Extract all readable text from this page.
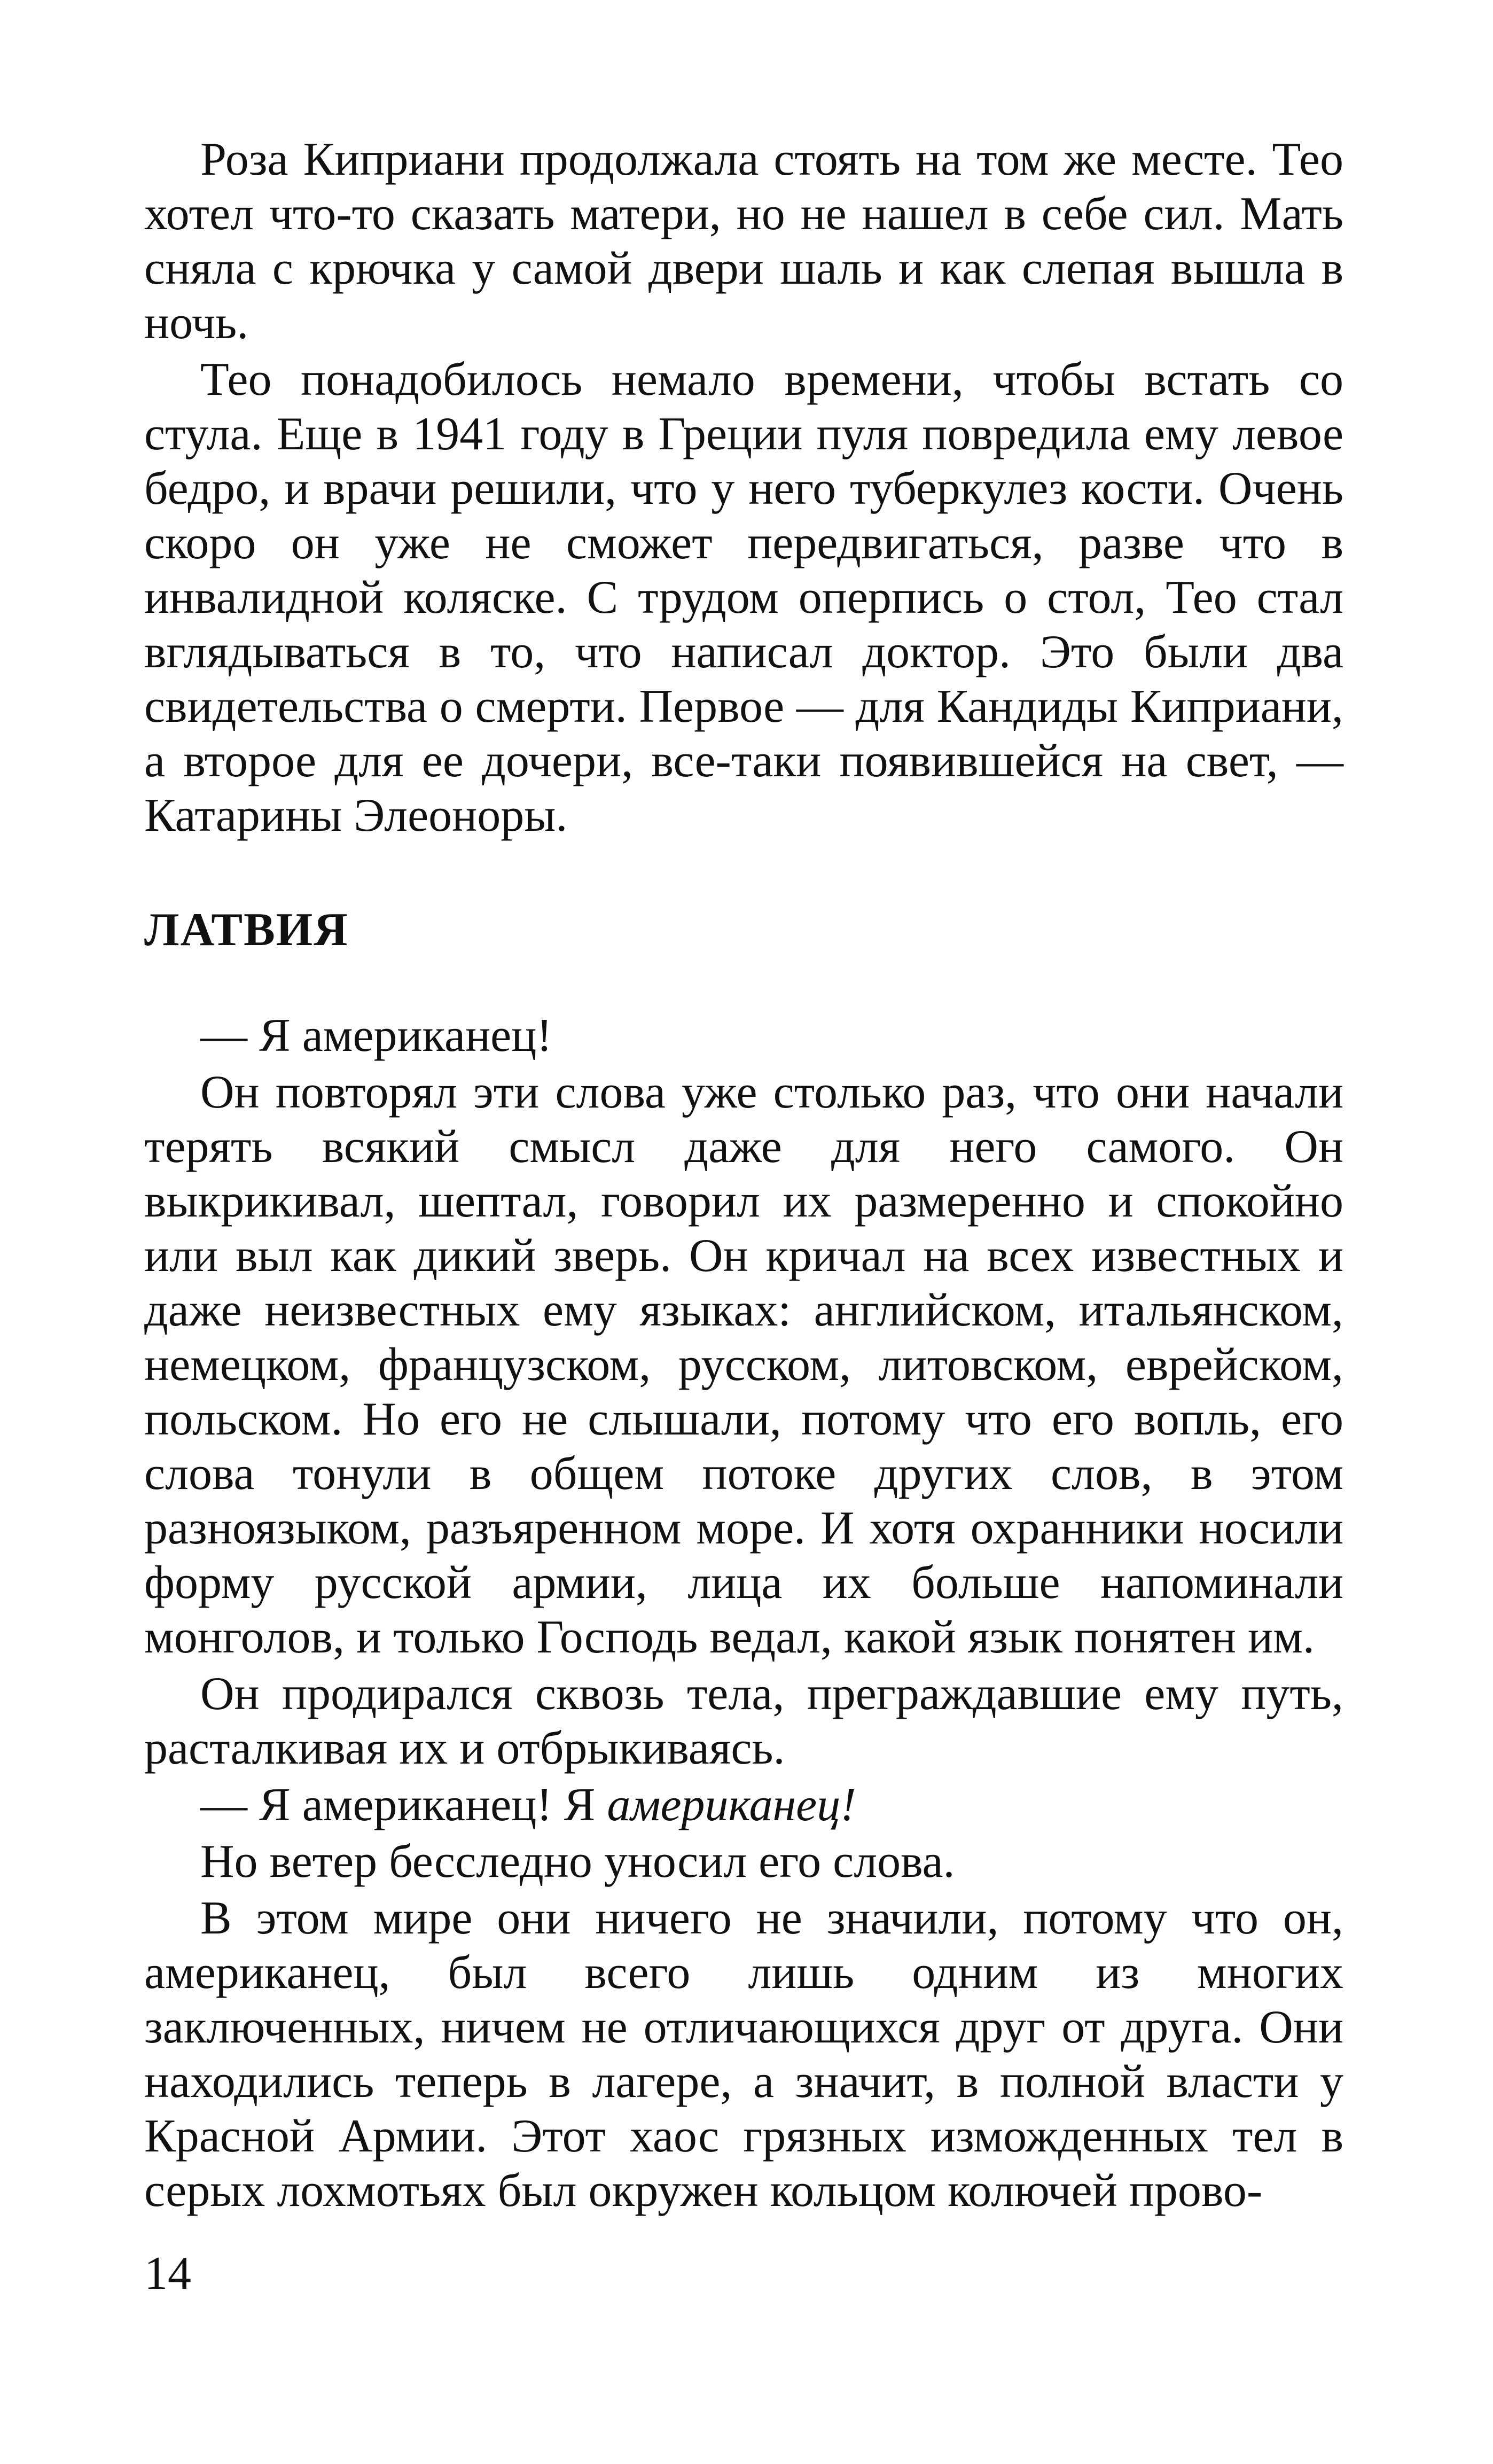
Роза Киприани продолжала стоять на том же месте. Тео хотел что-то сказать матери, но не нашел в себе сил. Мать сняла с крючка у самой двери шаль и как слепая вышла в ночь.

Тео понадобилось немало времени, чтобы встать со стула. Еще в 1941 году в Греции пуля повредила ему левое бедро, и врачи решили, что у него туберкулез кости. Очень скоро он уже не сможет передвигаться, разве что в инвалидной коляске. С трудом оперпись о стол, Тео стал вглядываться в то, что написал доктор. Это были два свидетельства о смерти. Первое — для Кандиды Киприани, а второе для ее дочери, все-таки появившейся на свет, — Катарины Элеоноры.

ЛАТВИЯ

— Я американец!

Он повторял эти слова уже столько раз, что они начали терять всякий смысл даже для него самого. Он выкрикивал, шептал, говорил их размеренно и спокойно или выл как дикий зверь. Он кричал на всех известных и даже неизвестных ему языках: английском, итальянском, немецком, французском, русском, литовском, еврейском, польском. Но его не слышали, потому что его вопль, его слова тонули в общем потоке других слов, в этом разноязыком, разъяренном море. И хотя охранники носили форму русской армии, лица их больше напоминали монголов, и только Господь ведал, какой язык понятен им.

Он продирался сквозь тела, преграждавшие ему путь, расталкивая их и отбрыкиваясь.

— Я американец! Я американец!

Но ветер бесследно уносил его слова.

В этом мире они ничего не значили, потому что он, американец, был всего лишь одним из многих заключенных, ничем не отличающихся друг от друга. Они находились теперь в лагере, а значит, в полной власти у Красной Армии. Этот хаос грязных изможденных тел в серых лохмотьях был окружен кольцом колючей прово-

14
